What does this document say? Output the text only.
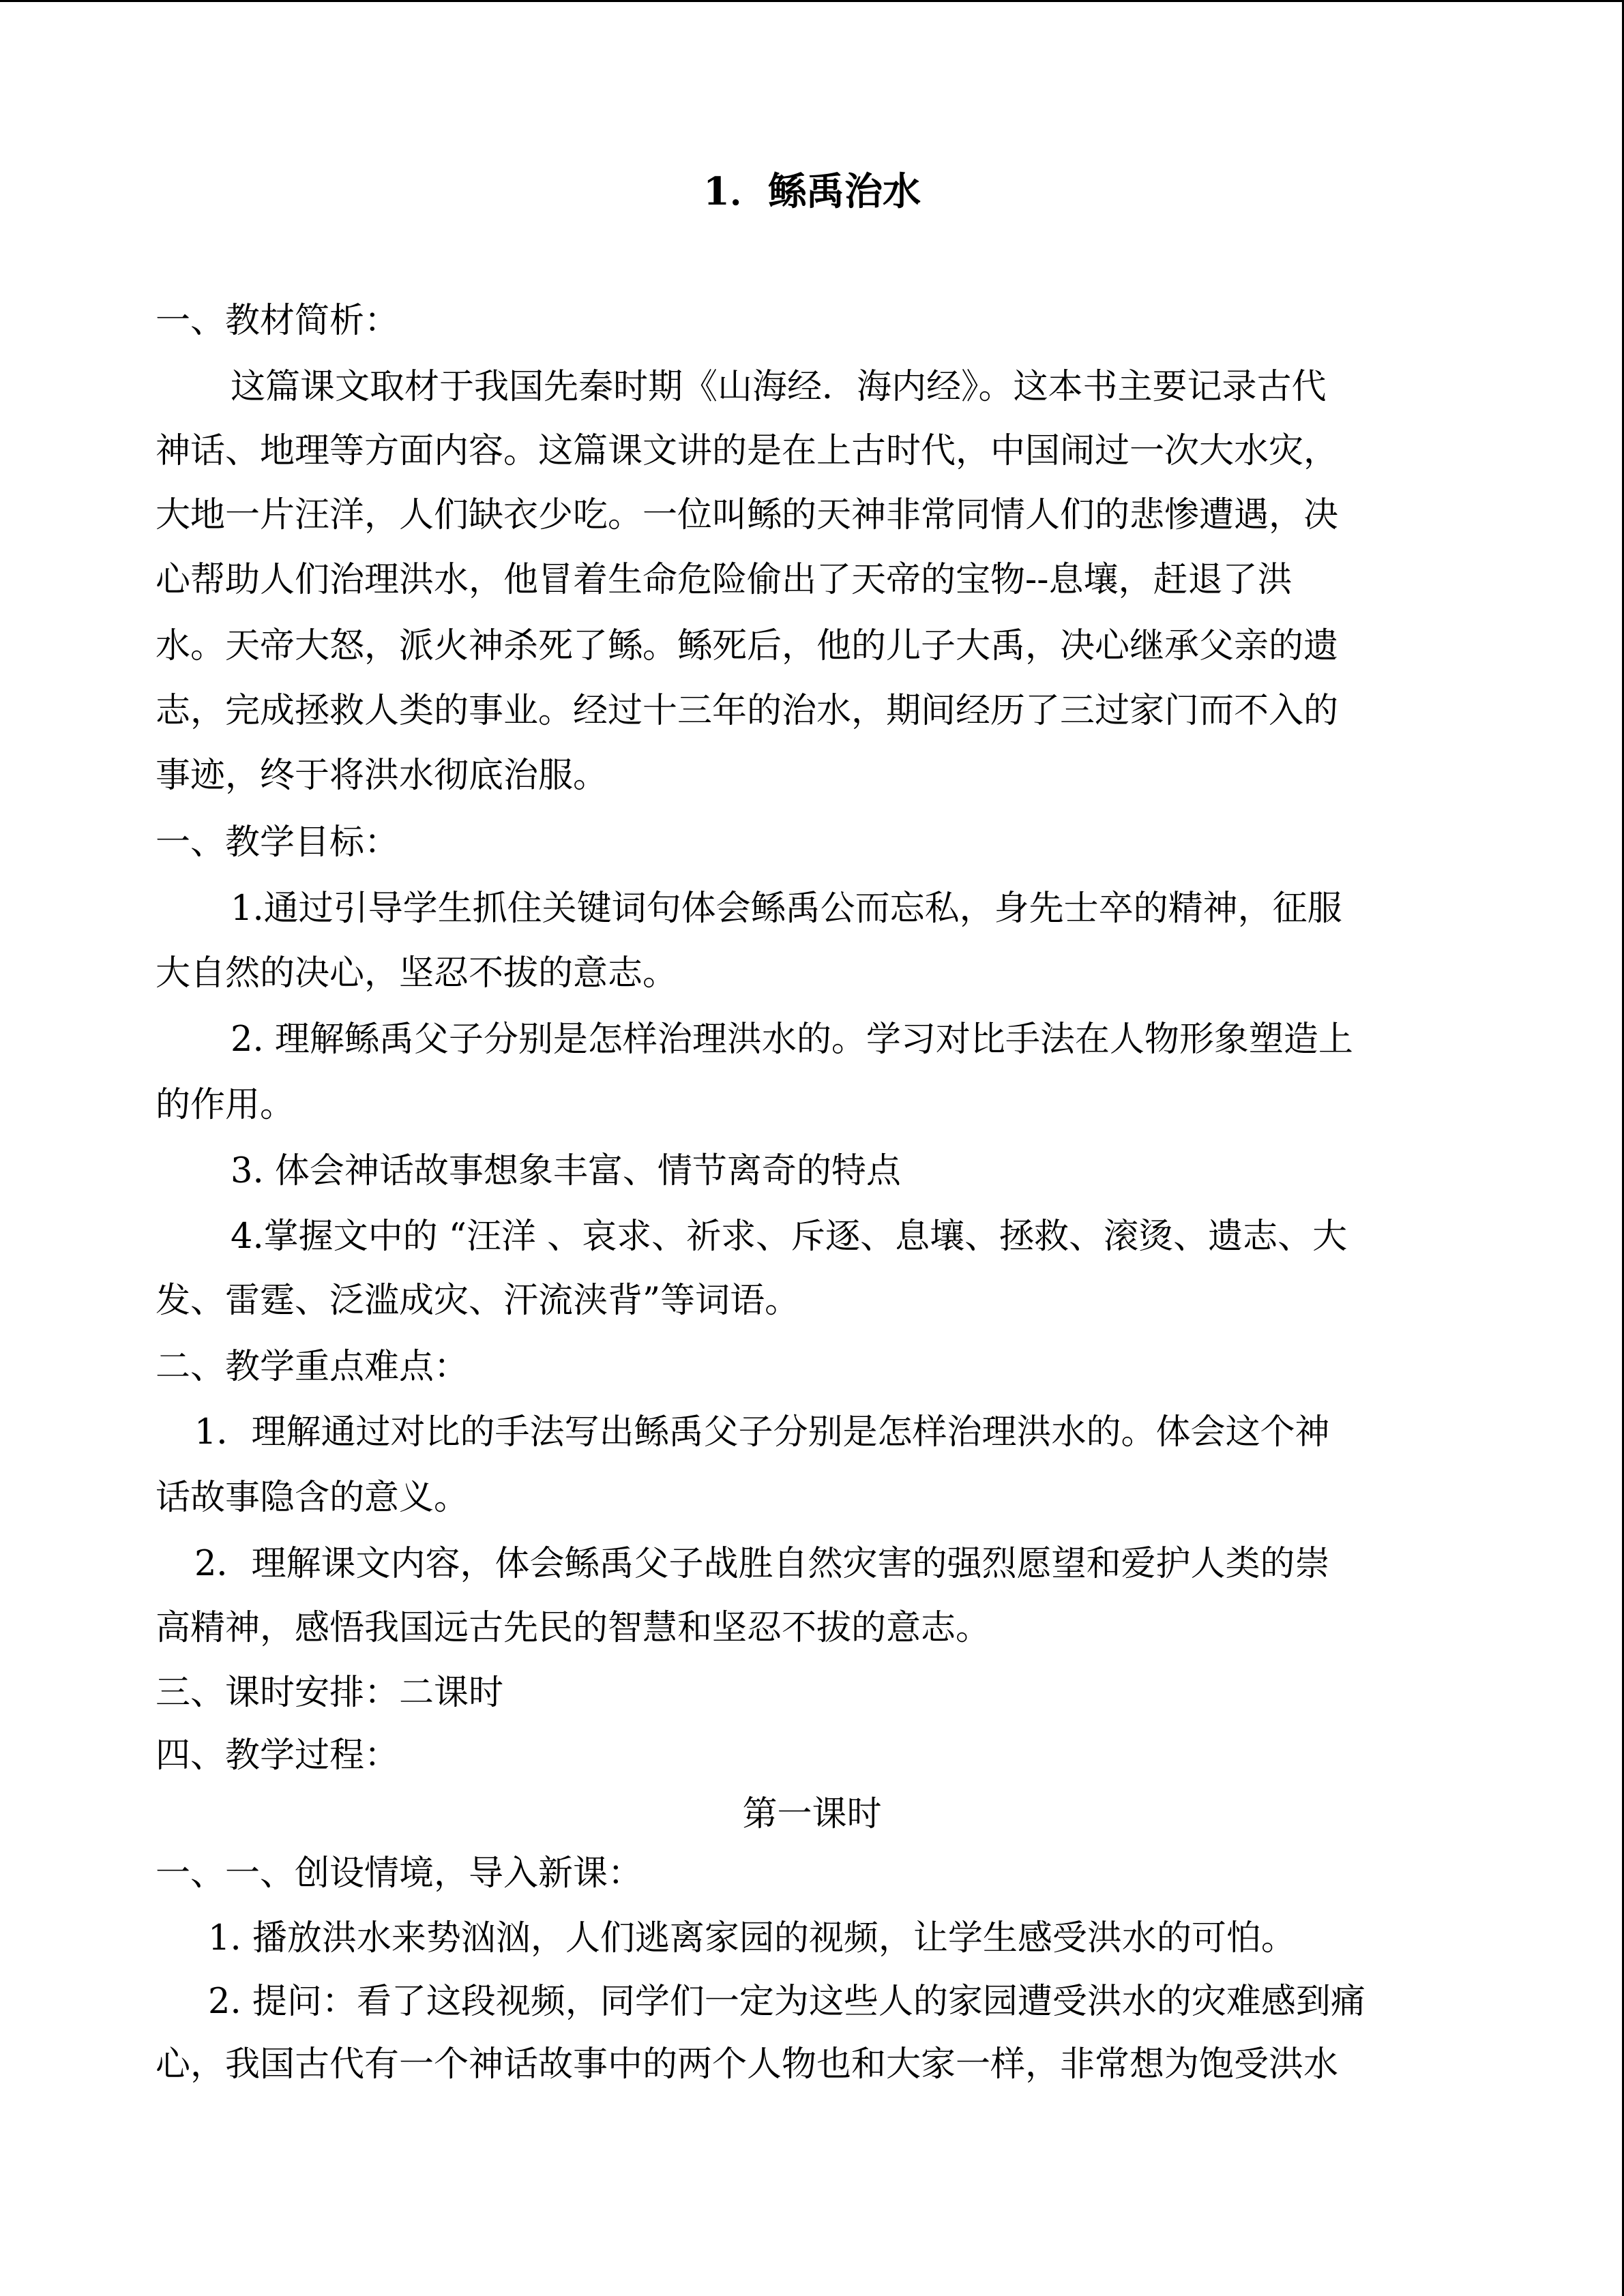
1．鲧禹治水
一、教材简析：
这篇课文取材于我国先秦时期《山海经．海内经》。这本书主要记录古代
神话、地理等方面内容。这篇课文讲的是在上古时代，中国闹过一次大水灾，
大地一片汪洋，人们缺衣少吃。一位叫鲧的天神非常同情人们的悲惨遭遇，决
心帮助人们治理洪水，他冒着生命危险偷出了天帝的宝物--息壤，赶退了洪
水。天帝大怒，派火神杀死了鲧。鲧死后，他的儿子大禹，决心继承父亲的遗
志，完成拯救人类的事业。经过十三年的治水，期间经历了三过家门而不入的
事迹，终于将洪水彻底治服。
一、教学目标：
1.通过引导学生抓住关键词句体会鲧禹公而忘私，身先士卒的精神，征服
大自然的决心，坚忍不拔的意志。
2. 理解鲧禹父子分别是怎样治理洪水的。学习对比手法在人物形象塑造上
的作用。
3. 体会神话故事想象丰富、情节离奇的特点
4.掌握文中的 “汪洋 、哀求、祈求、斥逐、息壤、拯救、滚烫、遗志、大
发、雷霆、泛滥成灾、汗流浃背”等词语。
二、教学重点难点：
1．理解通过对比的手法写出鲧禹父子分别是怎样治理洪水的。体会这个神
话故事隐含的意义。
2．理解课文内容，体会鲧禹父子战胜自然灾害的强烈愿望和爱护人类的崇
高精神，感悟我国远古先民的智慧和坚忍不拔的意志。
三、课时安排：二课时
四、教学过程：
第一课时
一、一、创设情境，导入新课：
1. 播放洪水来势汹汹，人们逃离家园的视频，让学生感受洪水的可怕。
2. 提问：看了这段视频，同学们一定为这些人的家园遭受洪水的灾难感到痛
心，我国古代有一个神话故事中的两个人物也和大家一样，非常想为饱受洪水
